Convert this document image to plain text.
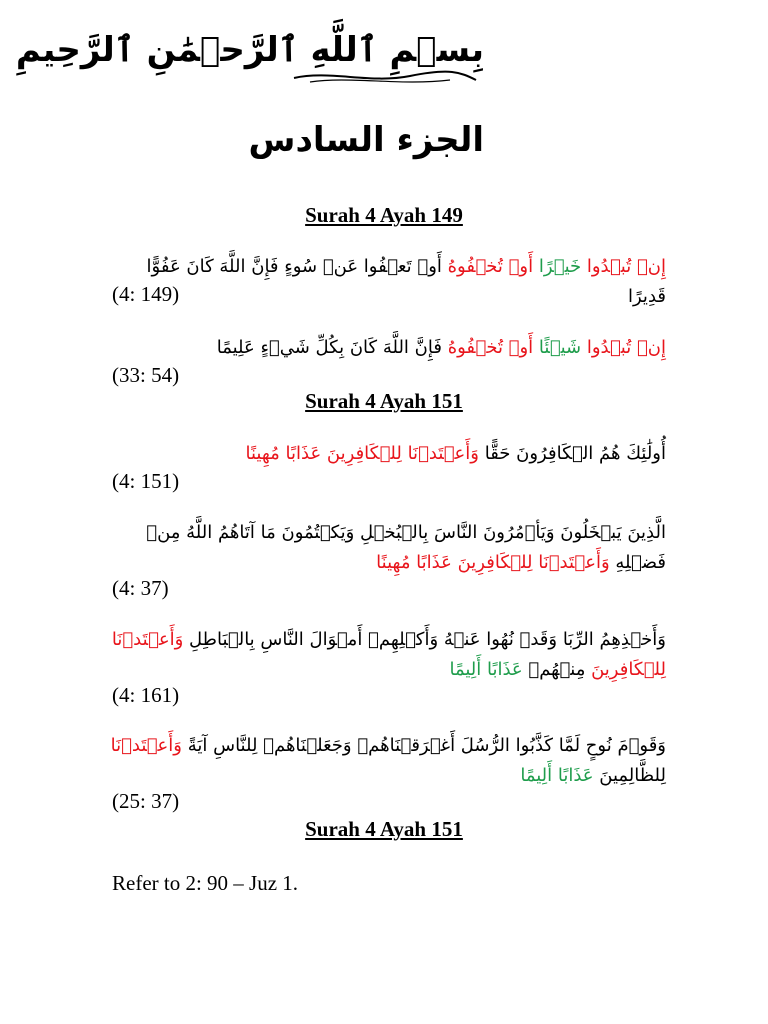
بِسۡمِ ٱللَّهِ ٱلرَّحۡمَٰنِ ٱلرَّحِيمِ
الجزء السادس
Surah 4 Ayah 149
إِنۡ تُبۡدُوا خَيۡرًا أَوۡ تُخۡفُوهُ أَوۡ تَعۡفُوا عَنۡ سُوءٍ فَإِنَّ اللَّهَ كَانَ عَفُوًّا قَدِيرًا
(4: 149)
إِنۡ تُبۡدُوا شَيۡئًا أَوۡ تُخۡفُوهُ فَإِنَّ اللَّهَ كَانَ بِكُلِّ شَيۡءٍ عَلِيمًا
(33: 54)
Surah 4 Ayah 151
أُولَٰئِكَ هُمُ الۡكَافِرُونَ حَقًّا وَأَعۡتَدۡنَا لِلۡكَافِرِينَ عَذَابًا مُهِينًا
(4: 151)
الَّذِينَ يَبۡخَلُونَ وَيَأۡمُرُونَ النَّاسَ بِالۡبُخۡلِ وَيَكۡتُمُونَ مَا آتَاهُمُ اللَّهُ مِنۡ فَضۡلِهِ وَأَعۡتَدۡنَا لِلۡكَافِرِينَ عَذَابًا مُهِينًا
(4: 37)
وَأَخۡذِهِمُ الرِّبَا وَقَدۡ نُهُوا عَنۡهُ وَأَكۡلِهِمۡ أَمۡوَالَ النَّاسِ بِالۡبَاطِلِ وَأَعۡتَدۡنَا لِلۡكَافِرِينَ مِنۡهُمۡ عَذَابًا أَلِيمًا
(4: 161)
وَقَوۡمَ نُوحٍ لَمَّا كَذَّبُوا الرُّسُلَ أَغۡرَقۡنَاهُمۡ وَجَعَلۡنَاهُمۡ لِلنَّاسِ آيَةً وَأَعۡتَدۡنَا لِلظَّالِمِينَ عَذَابًا أَلِيمًا
(25: 37)
Surah 4 Ayah 151
Refer to 2: 90 – Juz 1.
